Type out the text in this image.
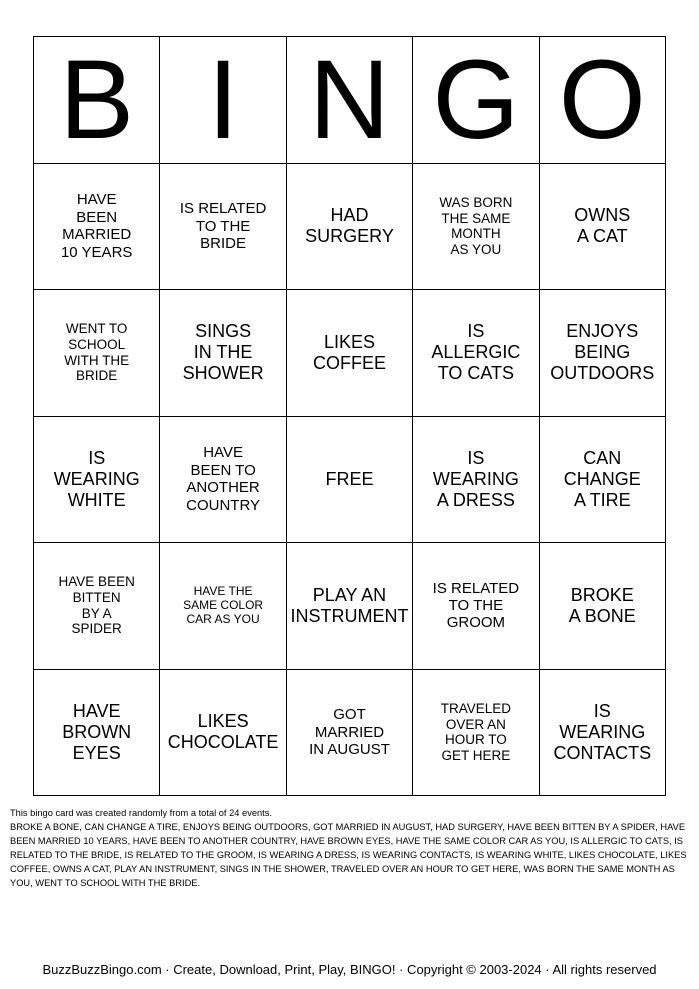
B I N G O
HAVE
BEEN
MARRIED
10 YEARS
IS RELATED
TO THE
BRIDE
HAD
SURGERY
WAS BORN
THE SAME
MONTH
AS YOU
OWNS
A CAT
WENT TO
SCHOOL
WITH THE
BRIDE
SINGS
IN THE
SHOWER
LIKES
COFFEE
IS
ALLERGIC
TO CATS
ENJOYS
BEING
OUTDOORS
IS
WEARING
WHITE
HAVE
BEEN TO
ANOTHER
COUNTRY
FREE
IS
WEARING
A DRESS
CAN
CHANGE
A TIRE
HAVE BEEN
BITTEN
BY A
SPIDER
HAVE THE
SAME COLOR
CAR AS YOU
PLAY AN
INSTRUMENT
IS RELATED
TO THE
GROOM
BROKE
A BONE
HAVE
BROWN
EYES
LIKES
CHOCOLATE
GOT
MARRIED
IN AUGUST
TRAVELED
OVER AN
HOUR TO
GET HERE
IS
WEARING
CONTACTS

This bingo card was created randomly from a total of 24 events.

BROKE A BONE, CAN CHANGE A TIRE, ENJOYS BEING OUTDOORS, GOT MARRIED IN AUGUST, HAD SURGERY, HAVE BEEN BITTEN BY A SPIDER, HAVE BEEN MARRIED 10 YEARS, HAVE BEEN TO ANOTHER COUNTRY, HAVE BROWN EYES, HAVE THE SAME COLOR CAR AS YOU, IS ALLERGIC TO CATS, IS RELATED TO THE BRIDE, IS RELATED TO THE GROOM, IS WEARING A DRESS, IS WEARING CONTACTS, IS WEARING WHITE, LIKES CHOCOLATE, LIKES COFFEE, OWNS A CAT, PLAY AN INSTRUMENT, SINGS IN THE SHOWER, TRAVELED OVER AN HOUR TO GET HERE, WAS BORN THE SAME MONTH AS YOU, WENT TO SCHOOL WITH THE BRIDE.

BuzzBuzzBingo.com · Create, Download, Print, Play, BINGO! · Copyright © 2003-2024 · All rights reserved
